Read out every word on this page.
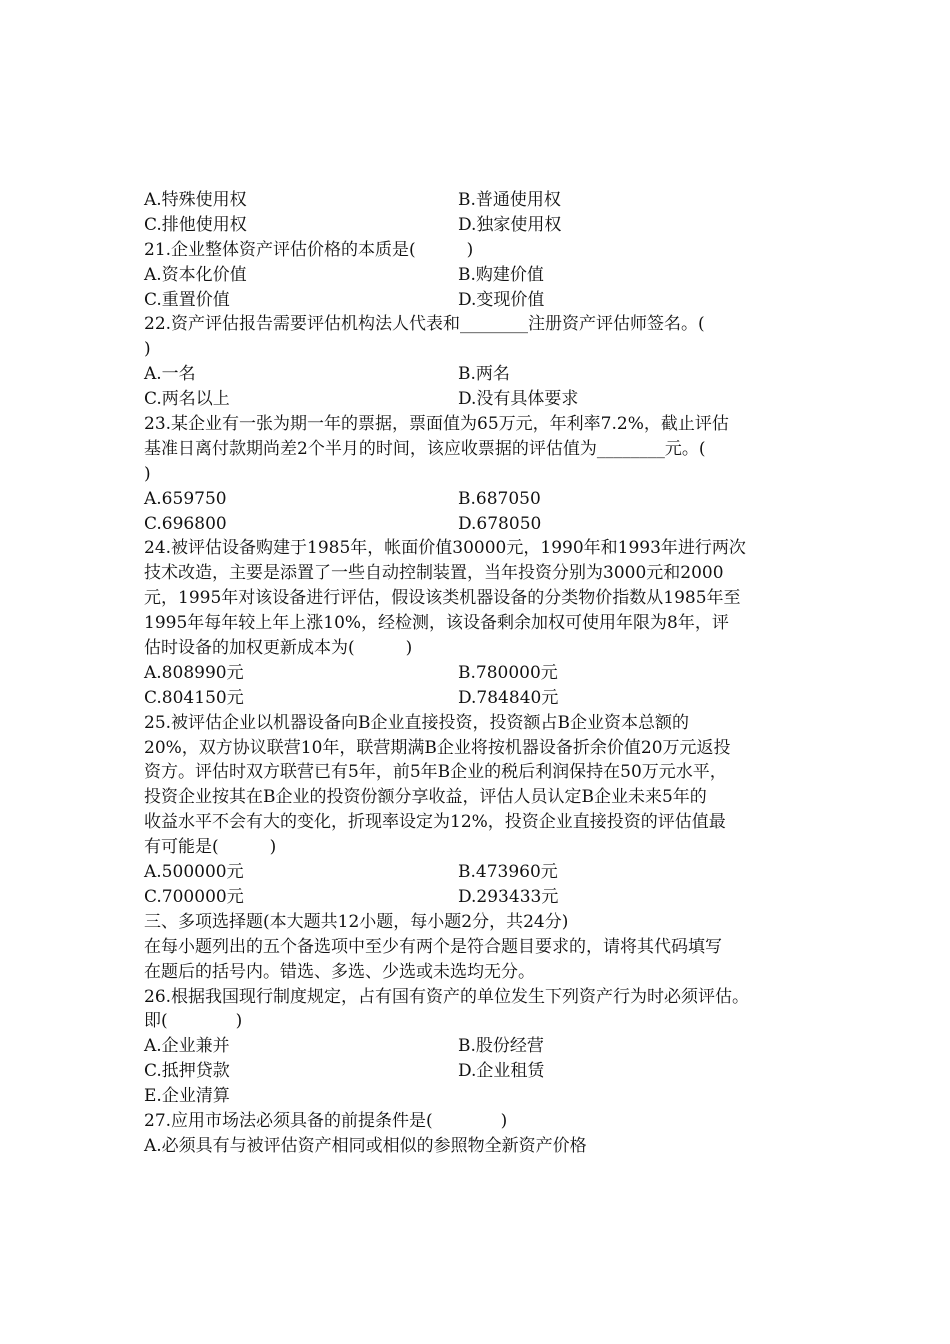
A.特殊使用权	B.普通使用权
C.排他使用权	D.独家使用权
21.企业整体资产评估价格的本质是(　　　)
A.资本化价值	B.购建价值
C.重置价值	D.变现价值
22.资产评估报告需要评估机构法人代表和________注册资产评估师签名。(
)
A.一名	B.两名
C.两名以上	D.没有具体要求
23.某企业有一张为期一年的票据，票面值为65万元，年利率7.2%，截止评估
基准日离付款期尚差2个半月的时间，该应收票据的评估值为________元。(
)
A.659750	B.687050
C.696800	D.678050
24.被评估设备购建于1985年，帐面价值30000元，1990年和1993年进行两次
技术改造，主要是添置了一些自动控制装置，当年投资分别为3000元和2000
元，1995年对该设备进行评估，假设该类机器设备的分类物价指数从1985年至
1995年每年较上年上涨10%，经检测，该设备剩余加权可使用年限为8年，评
估时设备的加权更新成本为(　　　)
A.808990元	B.780000元
C.804150元	D.784840元
25.被评估企业以机器设备向B企业直接投资，投资额占B企业资本总额的
20%，双方协议联营10年，联营期满B企业将按机器设备折余价值20万元返投
资方。评估时双方联营已有5年，前5年B企业的税后利润保持在50万元水平，
投资企业按其在B企业的投资份额分享收益，评估人员认定B企业未来5年的
收益水平不会有大的变化，折现率设定为12%，投资企业直接投资的评估值最
有可能是(　　　)
A.500000元	B.473960元
C.700000元	D.293433元
三、多项选择题(本大题共12小题，每小题2分，共24分)
在每小题列出的五个备选项中至少有两个是符合题目要求的，请将其代码填写
在题后的括号内。错选、多选、少选或未选均无分。
26.根据我国现行制度规定，占有国有资产的单位发生下列资产行为时必须评估。
即(　　　　)
A.企业兼并	B.股份经营
C.抵押贷款	D.企业租赁
E.企业清算
27.应用市场法必须具备的前提条件是(　　　　)
A.必须具有与被评估资产相同或相似的参照物全新资产价格
